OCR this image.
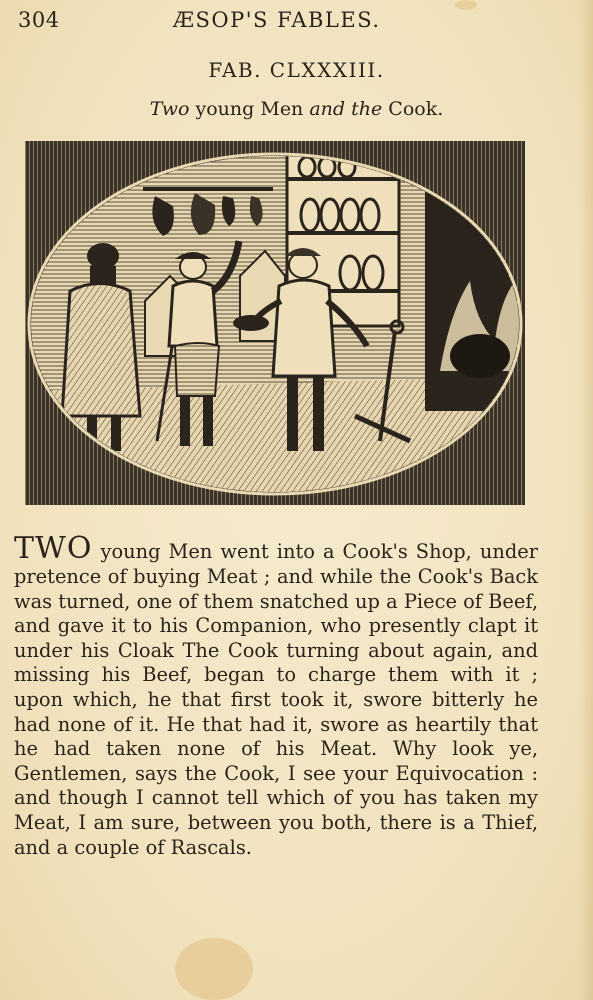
304	ÆSOP'S FABLES.
FAB. CLXXXIII.
Two young Men and the Cook.

TWO young Men went into a Cook's Shop, under pretence of buying Meat ; and while the Cook's Back was turned, one of them snatched up a Piece of Beef, and gave it to his Companion, who presently clapt it under his Cloak The Cook turning about again, and missing his Beef, began to charge them with it ; upon which, he that first took it, swore bitterly he had none of it. He that had it, swore as heartily that he had taken none of his Meat. Why look ye, Gentlemen, says the Cook, I see your Equivocation : and though I cannot tell which of you has taken my Meat, I am sure, between you both, there is a Thief, and a couple of Rascals.
